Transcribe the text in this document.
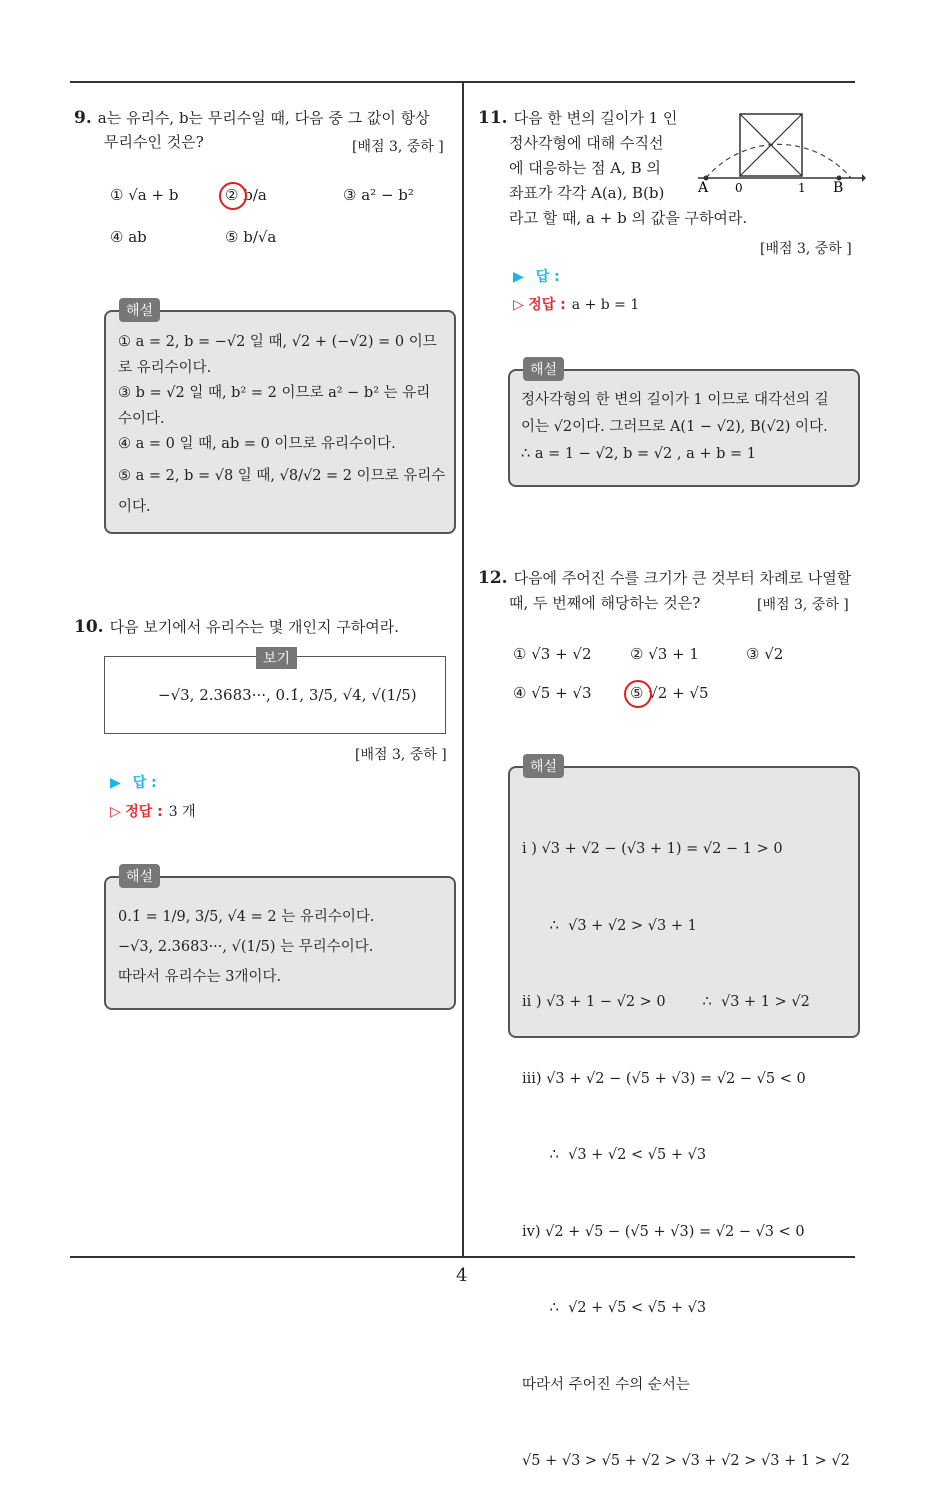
4
9. a는 유리수, b는 무리수일 때, 다음 중 그 값이 항상
무리수인 것은?	[배점 3, 중하 ]
① √a + b	② b/a	③ a² − b²
④ ab	⑤ b/√a
해설
① a = 2, b = −√2 일 때, √2 + (−√2) = 0 이므
로 유리수이다.
③ b = √2 일 때, b² = 2 이므로 a² − b² 는 유리
수이다.
④ a = 0 일 때, ab = 0 이므로 유리수이다.
⑤ a = 2, b = √8 일 때, √8/√2 = 2 이므로 유리수
이다.
10. 다음 보기에서 유리수는 몇 개인지 구하여라.
보기
−√3, 2.3683···, 0.1̇, 3/5, √4, √(1/5)
[배점 3, 중하 ]
▶ 답 :
▷ 정답 : 3 개
해설
0.1̇ = 1/9, 3/5, √4 = 2 는 유리수이다.
−√3, 2.3683···, √(1/5) 는 무리수이다.
따라서 유리수는 3개이다.
11. 다음 한 변의 길이가 1 인
정사각형에 대해 수직선
에 대응하는 점 A, B 의
좌표가 각각 A(a), B(b)
라고 할 때, a + b 의 값을 구하여라.
A 0	1 B
[배점 3, 중하 ]
▶ 답 :
▷ 정답 : a + b = 1
해설
정사각형의 한 변의 길이가 1 이므로 대각선의 길
이는 √2이다. 그러므로 A(1 − √2), B(√2) 이다.
∴ a = 1 − √2, b = √2 , a + b = 1
12. 다음에 주어진 수를 크기가 큰 것부터 차례로 나열할
때, 두 번째에 해당하는 것은?	[배점 3, 중하 ]
① √3 + √2	② √3 + 1	③ √2
④ √5 + √3	⑤ √2 + √5
해설

i ) √3 + √2 − (√3 + 1) = √2 − 1 > 0

∴  √3 + √2 > √3 + 1

ii ) √3 + 1 − √2 > 0        ∴  √3 + 1 > √2

iii) √3 + √2 − (√5 + √3) = √2 − √5 < 0

∴  √3 + √2 < √5 + √3

iv) √2 + √5 − (√5 + √3) = √2 − √3 < 0

∴  √2 + √5 < √5 + √3

따라서 주어진 수의 순서는

√5 + √3 > √5 + √2 > √3 + √2 > √3 + 1 > √2
